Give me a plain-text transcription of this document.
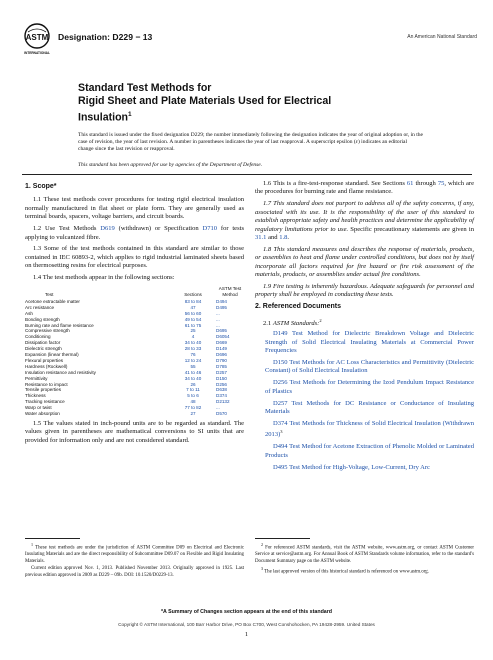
ASTM
INTERNATIONAL
Designation: D229 − 13	An American National Standard
Standard Test Methods for
Rigid Sheet and Plate Materials Used for Electrical
Insulation$^1$
This standard is issued under the fixed designation D229; the number immediately following the designation indicates the year of original adoption or, in the case of revision, the year of last revision. A number in parentheses indicates the year of last reapproval. A superscript epsilon (ε) indicates an editorial change since the last revision or reapproval.
This standard has been approved for use by agencies of the Department of Defense.
1. Scope*

1.1 These test methods cover procedures for testing rigid electrical insulation normally manufactured in flat sheet or plate form. They are generally used as terminal boards, spacers, voltage barriers, and circuit boards.

1.2 Use Test Methods D619 (withdrawn) or Specification D710 for tests applying to vulcanized fibre.

1.3 Some of the test methods contained in this standard are similar to those contained in IEC 60893-2, which applies to rigid industrial laminated sheets based on thermosetting resins for electrical purposes.

1.4 The test methods appear in the following sections:

Test	Sections	ASTM Test Method
Acetone extractable matter	83 to 84	D494
Arc resistance	47	D495
Ash	56 to 60	...
Bonding strength	49 to 54	...
Burning rate and flame resistance	61 to 75	...
Compressive strength	25	D695
Conditioning	4	D6054
Dissipation factor	34 to 40	D669
Dielectric strength	28 to 33	D149
Expansion (linear thermal)	76	D696
Flexural properties	12 to 24	D790
Hardness (Rockwell)	55	D785
Insulation resistance and resistivity	41 to 46	D257
Permittivity	34 to 40	D150
Resistance to impact	26	D256
Tensile properties	7 to 11	D638
Thickness	5 to 6	D374
Tracking resistance	48	D2132
Warp or twist	77 to 82	...
Water absorption	27	D570

1.5 The values stated in inch-pound units are to be regarded as standard. The values given in parentheses are mathematical conversions to SI units that are provided for information only and are not considered standard.

1.6 This is a fire-test-response standard. See Sections 61 through 75, which are the procedures for burning rate and flame resistance.

1.7 This standard does not purport to address all of the safety concerns, if any, associated with its use. It is the responsibility of the user of this standard to establish appropriate safety and health practices and determine the applicability of regulatory limitations prior to use. Specific precautionary statements are given in 31.1 and 1.8.

1.8 This standard measures and describes the response of materials, products, or assemblies to heat and flame under controlled conditions, but does not by itself incorporate all factors required for fire hazard or fire risk assessment of the materials, products, or assemblies under actual fire conditions.

1.9 Fire testing is inherently hazardous. Adequate safeguards for personnel and property shall be employed in conducting these tests.

2. Referenced Documents

2.1 ASTM Standards:$^2$

D149 Test Method for Dielectric Breakdown Voltage and Dielectric Strength of Solid Electrical Insulating Materials at Commercial Power Frequencies

D150 Test Methods for AC Loss Characteristics and Permittivity (Dielectric Constant) of Solid Electrical Insulation

D256 Test Methods for Determining the Izod Pendulum Impact Resistance of Plastics

D257 Test Methods for DC Resistance or Conductance of Insulating Materials

D374 Test Methods for Thickness of Solid Electrical Insulation (Withdrawn 2013)$^3$

D494 Test Method for Acetone Extraction of Phenolic Molded or Laminated Products

D495 Test Method for High-Voltage, Low-Current, Dry Arc

$^1$ These test methods are under the jurisdiction of ASTM Committee D09 on Electrical and Electronic Insulating Materials and are the direct responsibility of Subcommittee D09.07 on Flexible and Rigid Insulating Materials.

Current edition approved Nov. 1, 2013. Published November 2013. Originally approved in 1925. Last previous edition approved in 2009 as D229 – 09b. DOI: 10.1520/D0229-13.

$^2$ For referenced ASTM standards, visit the ASTM website, www.astm.org, or contact ASTM Customer Service at service@astm.org. For Annual Book of ASTM Standards volume information, refer to the standard's Document Summary page on the ASTM website.

$^3$ The last approved version of this historical standard is referenced on www.astm.org.

*A Summary of Changes section appears at the end of this standard
Copyright © ASTM International, 100 Barr Harbor Drive, PO Box C700, West Conshohocken, PA 19428-2959. United States
1
